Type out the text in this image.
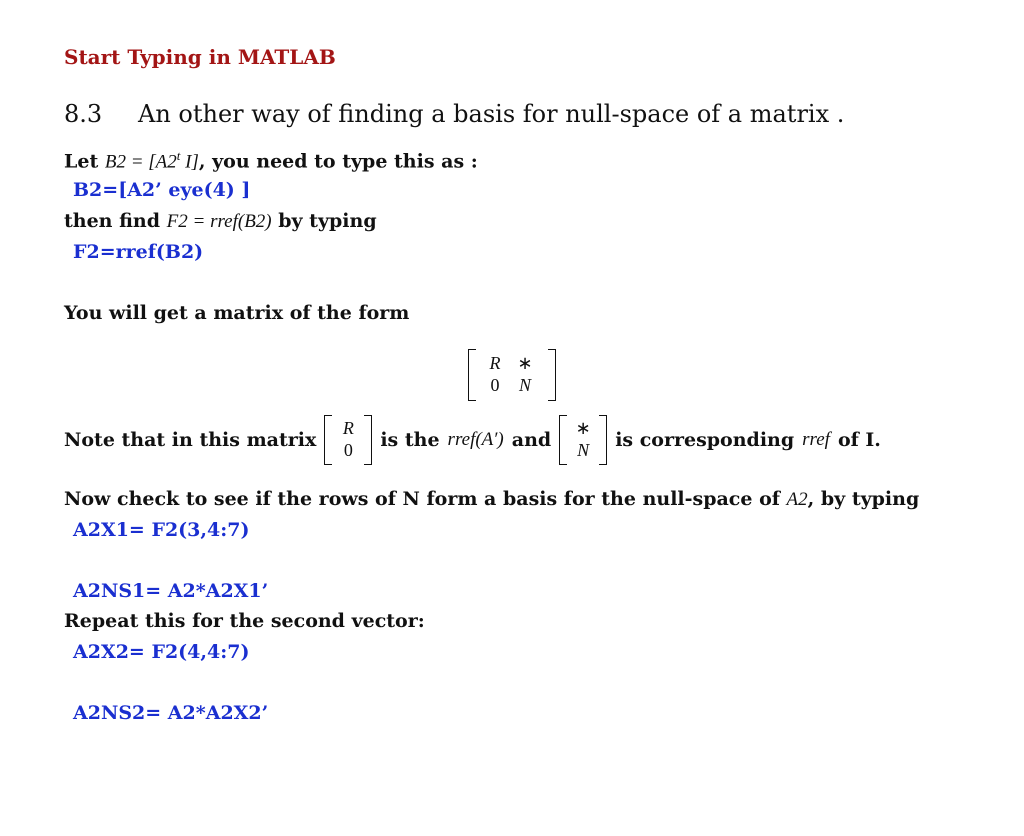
Start Typing in MATLAB
8.3 An other way of finding a basis for null-space of a matrix .
Let $B2 = [A2^t$ I], you need to type this as :
B2=[A2’ eye(4) ]
then find F2 = rref(B2) by typing
F2=rref(B2)
You will get a matrix of the form
R ∗
0	N
Note that in this matrix
R
0 is the rref(A′) and
∗
N is corresponding rref of I.
Now check to see if the rows of N form a basis for the null-space of A2, by typing
A2X1= F2(3,4:7)
A2NS1= A2*A2X1’
Repeat this for the second vector:
A2X2= F2(4,4:7)
A2NS2= A2*A2X2’
